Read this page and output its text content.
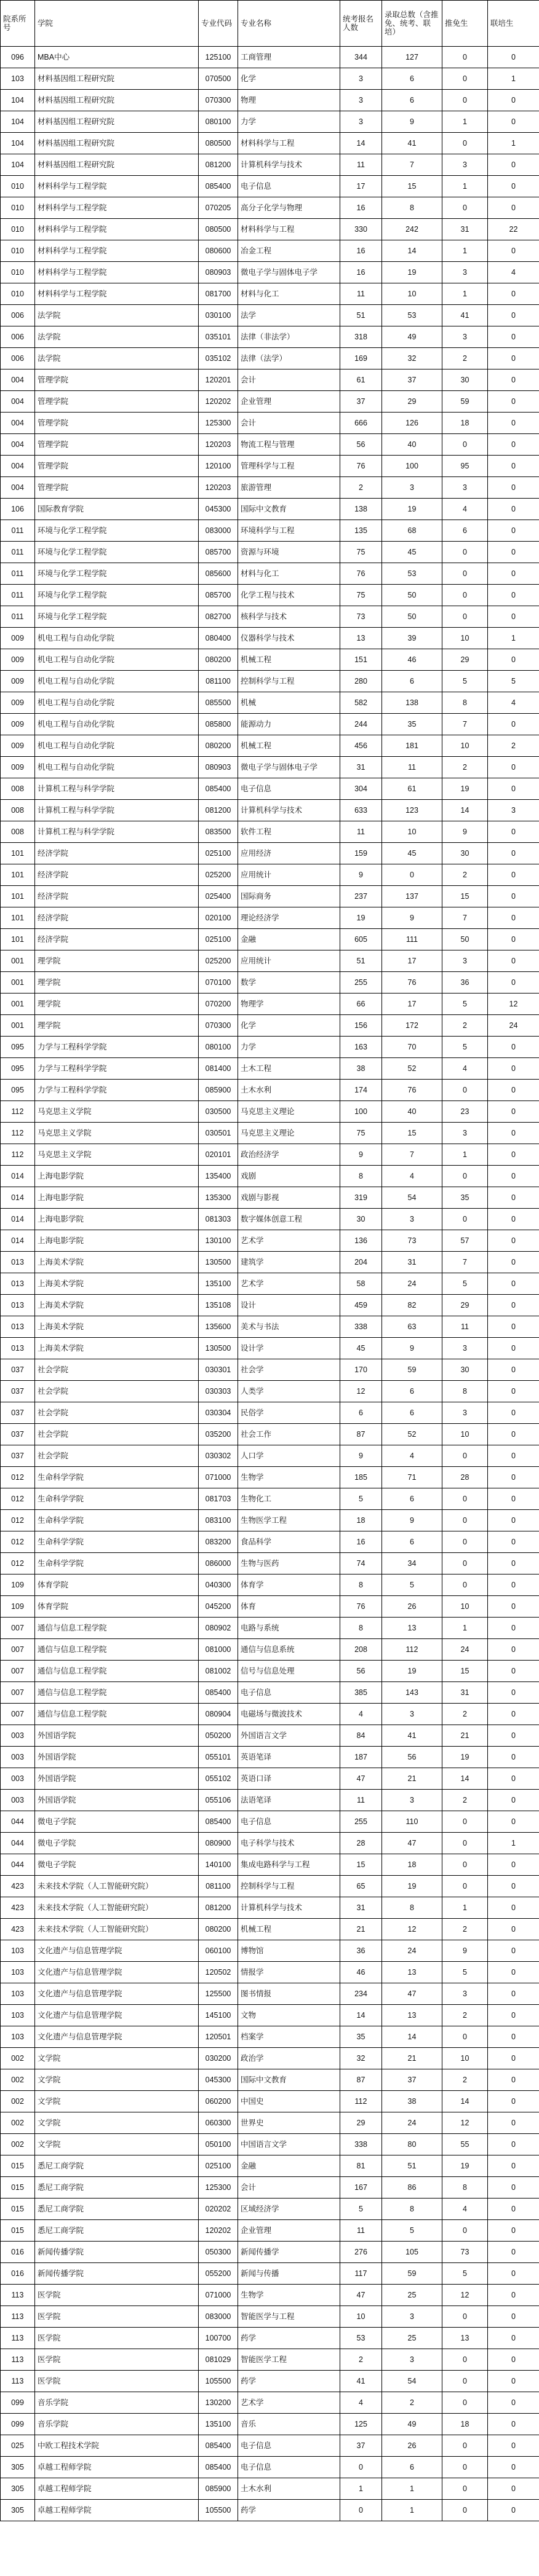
院系所号	学院	专业代码	专业名称	统考报名人数	录取总数（含推免、统考、联培）	推免生	联培生
096	MBA中心	125100	工商管理	344	127	0	0
103	材料基因组工程研究院	070500	化学	3	6	0	1
104	材料基因组工程研究院	070300	物理	3	6	0	0
104	材料基因组工程研究院	080100	力学	3	9	1	0
104	材料基因组工程研究院	080500	材料科学与工程	14	41	0	1
104	材料基因组工程研究院	081200	计算机科学与技术	11	7	3	0
010	材料科学与工程学院	085400	电子信息	17	15	1	0
010	材料科学与工程学院	070205	高分子化学与物理	16	8	0	0
010	材料科学与工程学院	080500	材料科学与工程	330	242	31	22
010	材料科学与工程学院	080600	冶金工程	16	14	1	0
010	材料科学与工程学院	080903	微电子学与固体电子学	16	19	3	4
010	材料科学与工程学院	081700	材料与化工	11	10	1	0
006	法学院	030100	法学	51	53	41	0
006	法学院	035101	法律（非法学）	318	49	3	0
006	法学院	035102	法律（法学）	169	32	2	0
004	管理学院	120201	会计	61	37	30	0
004	管理学院	120202	企业管理	37	29	59	0
004	管理学院	125300	会计	666	126	18	0
004	管理学院	120203	物流工程与管理	56	40	0	0
004	管理学院	120100	管理科学与工程	76	100	95	0
004	管理学院	120203	旅游管理	2	3	3	0
106	国际教育学院	045300	国际中文教育	138	19	4	0
011	环境与化学工程学院	083000	环境科学与工程	135	68	6	0
011	环境与化学工程学院	085700	资源与环境	75	45	0	0
011	环境与化学工程学院	085600	材料与化工	76	53	0	0
011	环境与化学工程学院	085700	化学工程与技术	75	50	0	0
011	环境与化学工程学院	082700	核科学与技术	73	50	0	0
009	机电工程与自动化学院	080400	仪器科学与技术	13	39	10	1
009	机电工程与自动化学院	080200	机械工程	151	46	29	0
009	机电工程与自动化学院	081100	控制科学与工程	280	6	5	5
009	机电工程与自动化学院	085500	机械	582	138	8	4
009	机电工程与自动化学院	085800	能源动力	244	35	7	0
009	机电工程与自动化学院	080200	机械工程	456	181	10	2
009	机电工程与自动化学院	080903	微电子学与固体电子学	31	11	2	0
008	计算机工程与科学学院	085400	电子信息	304	61	19	0
008	计算机工程与科学学院	081200	计算机科学与技术	633	123	14	3
008	计算机工程与科学学院	083500	软件工程	11	10	9	0
101	经济学院	025100	应用经济	159	45	30	0
101	经济学院	025200	应用统计	9	0	2	0
101	经济学院	025400	国际商务	237	137	15	0
101	经济学院	020100	理论经济学	19	9	7	0
101	经济学院	025100	金融	605	111	50	0
001	理学院	025200	应用统计	51	17	3	0
001	理学院	070100	数学	255	76	36	0
001	理学院	070200	物理学	66	17	5	12
001	理学院	070300	化学	156	172	2	24
095	力学与工程科学学院	080100	力学	163	70	5	0
095	力学与工程科学学院	081400	土木工程	38	52	4	0
095	力学与工程科学学院	085900	土木水利	174	76	0	0
112	马克思主义学院	030500	马克思主义理论	100	40	23	0
112	马克思主义学院	030501	马克思主义理论	75	15	3	0
112	马克思主义学院	020101	政治经济学	9	7	1	0
014	上海电影学院	135400	戏剧	8	4	0	0
014	上海电影学院	135300	戏剧与影视	319	54	35	0
014	上海电影学院	081303	数字媒体创意工程	30	3	0	0
014	上海电影学院	130100	艺术学	136	73	57	0
013	上海美术学院	130500	建筑学	204	31	7	0
013	上海美术学院	135100	艺术学	58	24	5	0
013	上海美术学院	135108	设计	459	82	29	0
013	上海美术学院	135600	美术与书法	338	63	11	0
013	上海美术学院	130500	设计学	45	9	3	0
037	社会学院	030301	社会学	170	59	30	0
037	社会学院	030303	人类学	12	6	8	0
037	社会学院	030304	民俗学	6	6	3	0
037	社会学院	035200	社会工作	87	52	10	0
037	社会学院	030302	人口学	9	4	0	0
012	生命科学学院	071000	生物学	185	71	28	0
012	生命科学学院	081703	生物化工	5	6	0	0
012	生命科学学院	083100	生物医学工程	18	9	0	0
012	生命科学学院	083200	食品科学	16	6	0	0
012	生命科学学院	086000	生物与医药	74	34	0	0
109	体育学院	040300	体育学	8	5	0	0
109	体育学院	045200	体育	76	26	10	0
007	通信与信息工程学院	080902	电路与系统	8	13	1	0
007	通信与信息工程学院	081000	通信与信息系统	208	112	24	0
007	通信与信息工程学院	081002	信号与信息处理	56	19	15	0
007	通信与信息工程学院	085400	电子信息	385	143	31	0
007	通信与信息工程学院	080904	电磁场与微波技术	4	3	2	0
003	外国语学院	050200	外国语言文学	84	41	21	0
003	外国语学院	055101	英语笔译	187	56	19	0
003	外国语学院	055102	英语口译	47	21	14	0
003	外国语学院	055106	法语笔译	11	3	2	0
044	微电子学院	085400	电子信息	255	110	0	0
044	微电子学院	080900	电子科学与技术	28	47	0	1
044	微电子学院	140100	集成电路科学与工程	15	18	0	0
423	未来技术学院（人工智能研究院）	081100	控制科学与工程	65	19	0	0
423	未来技术学院（人工智能研究院）	081200	计算机科学与技术	31	8	1	0
423	未来技术学院（人工智能研究院）	080200	机械工程	21	12	2	0
103	文化遗产与信息管理学院	060100	博物馆	36	24	9	0
103	文化遗产与信息管理学院	120502	情报学	46	13	5	0
103	文化遗产与信息管理学院	125500	图书情报	234	47	3	0
103	文化遗产与信息管理学院	145100	文物	14	13	2	0
103	文化遗产与信息管理学院	120501	档案学	35	14	0	0
002	文学院	030200	政治学	32	21	10	0
002	文学院	045300	国际中文教育	87	37	2	0
002	文学院	060200	中国史	112	38	14	0
002	文学院	060300	世界史	29	24	12	0
002	文学院	050100	中国语言文学	338	80	55	0
015	悉尼工商学院	025100	金融	81	51	19	0
015	悉尼工商学院	125300	会计	167	86	8	0
015	悉尼工商学院	020202	区域经济学	5	8	4	0
015	悉尼工商学院	120202	企业管理	11	5	0	0
016	新闻传播学院	050300	新闻传播学	276	105	73	0
016	新闻传播学院	055200	新闻与传播	117	59	5	0
113	医学院	071000	生物学	47	25	12	0
113	医学院	083000	智能医学与工程	10	3	0	0
113	医学院	100700	药学	53	25	13	0
113	医学院	081029	智能医学工程	2	3	0	0
113	医学院	105500	药学	41	54	0	0
099	音乐学院	130200	艺术学	4	2	0	0
099	音乐学院	135100	音乐	125	49	18	0
025	中欧工程技术学院	085400	电子信息	37	26	0	0
305	卓越工程师学院	085400	电子信息	0	6	0	0
305	卓越工程师学院	085900	土木水利	1	1	0	0
305	卓越工程师学院	105500	药学	0	1	0	0
